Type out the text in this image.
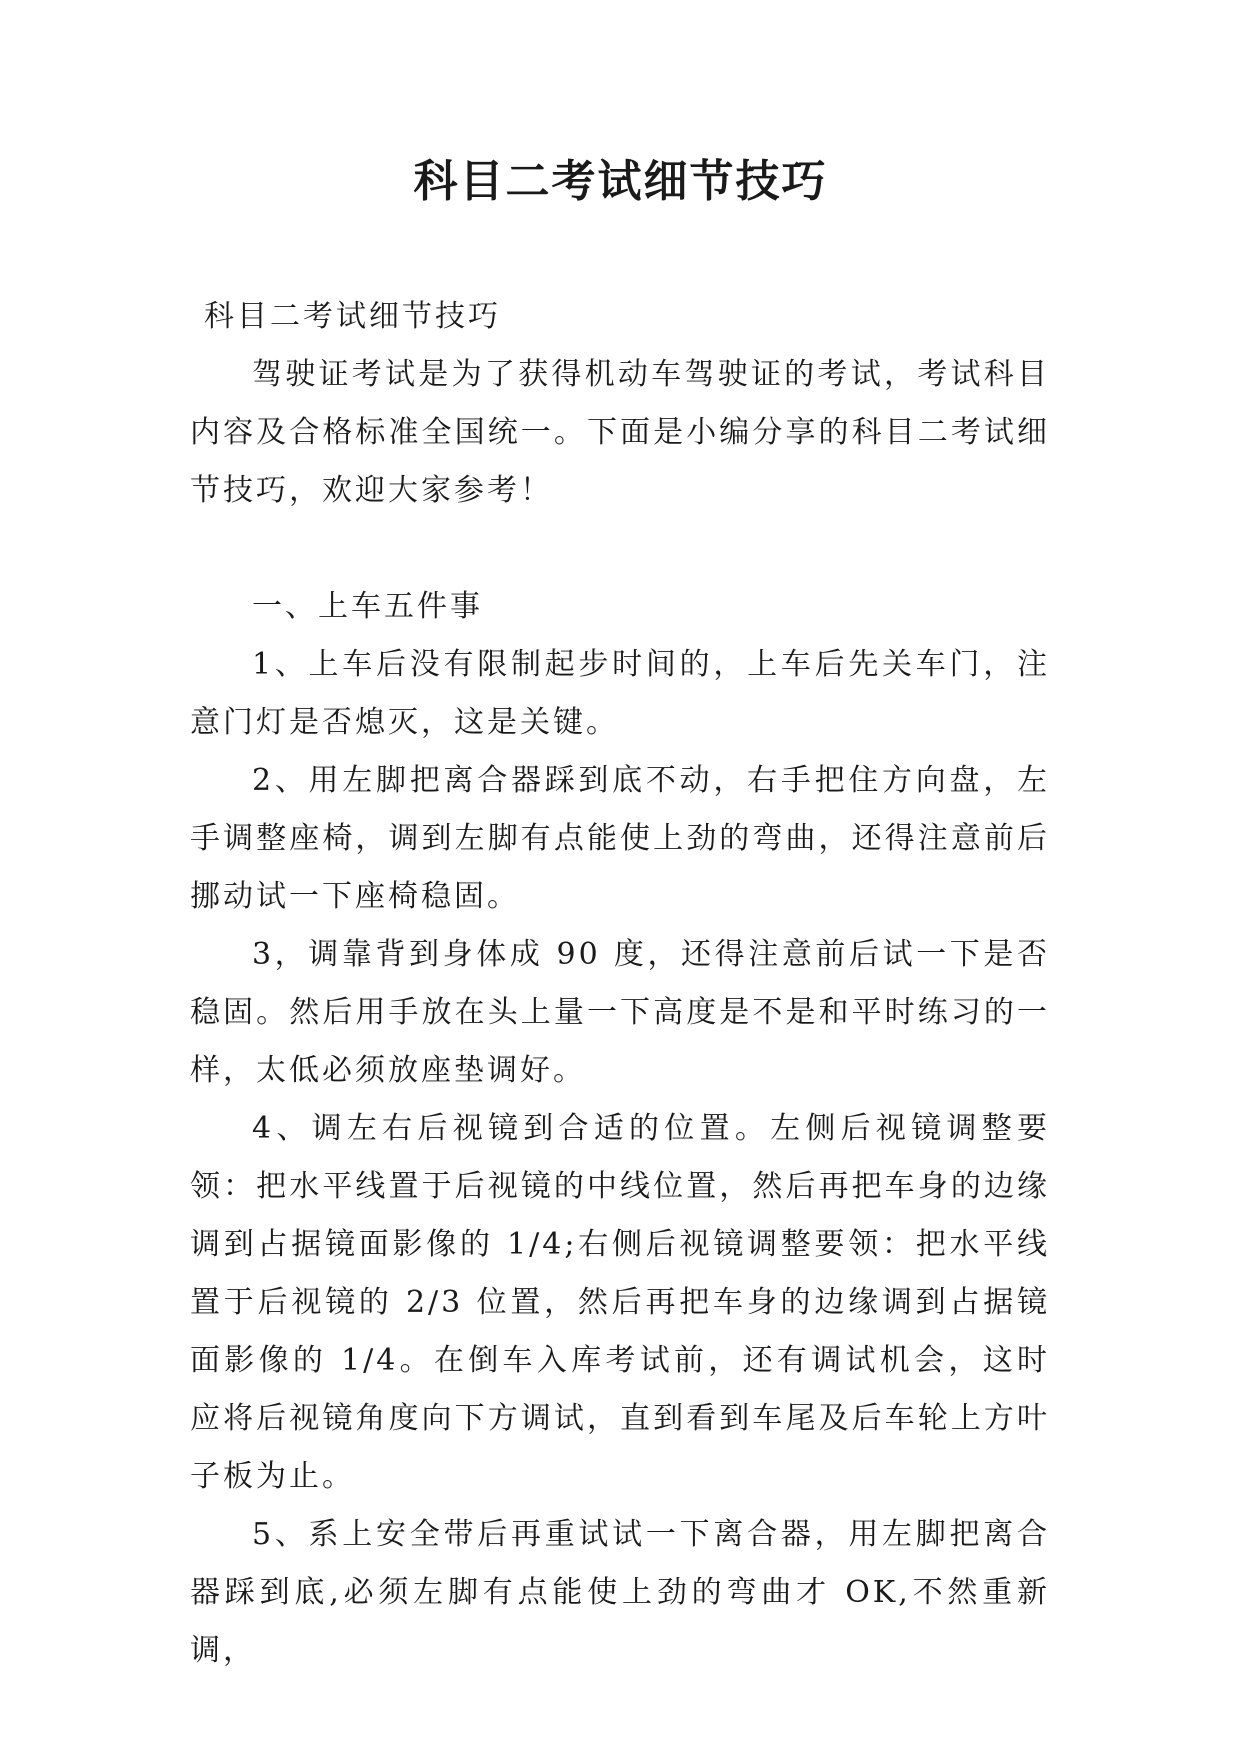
科目二考试细节技巧

科目二考试细节技巧

驾驶证考试是为了获得机动车驾驶证的考试，考试科目内容及合格标准全国统一。下面是小编分享的科目二考试细节技巧，欢迎大家参考！

一、上车五件事

1、上车后没有限制起步时间的，上车后先关车门，注意门灯是否熄灭，这是关键。

2、用左脚把离合器踩到底不动，右手把住方向盘，左手调整座椅，调到左脚有点能使上劲的弯曲，还得注意前后挪动试一下座椅稳固。

3，调靠背到身体成 90 度，还得注意前后试一下是否稳固。然后用手放在头上量一下高度是不是和平时练习的一样，太低必须放座垫调好。

4、调左右后视镜到合适的位置。左侧后视镜调整要领：把水平线置于后视镜的中线位置，然后再把车身的边缘调到占据镜面影像的 1/4;右侧后视镜调整要领：把水平线置于后视镜的 2/3 位置，然后再把车身的边缘调到占据镜面影像的 1/4。在倒车入库考试前，还有调试机会，这时应将后视镜角度向下方调试，直到看到车尾及后车轮上方叶子板为止。

5、系上安全带后再重试试一下离合器，用左脚把离合器踩到底,必须左脚有点能使上劲的弯曲才 OK,不然重新调，
